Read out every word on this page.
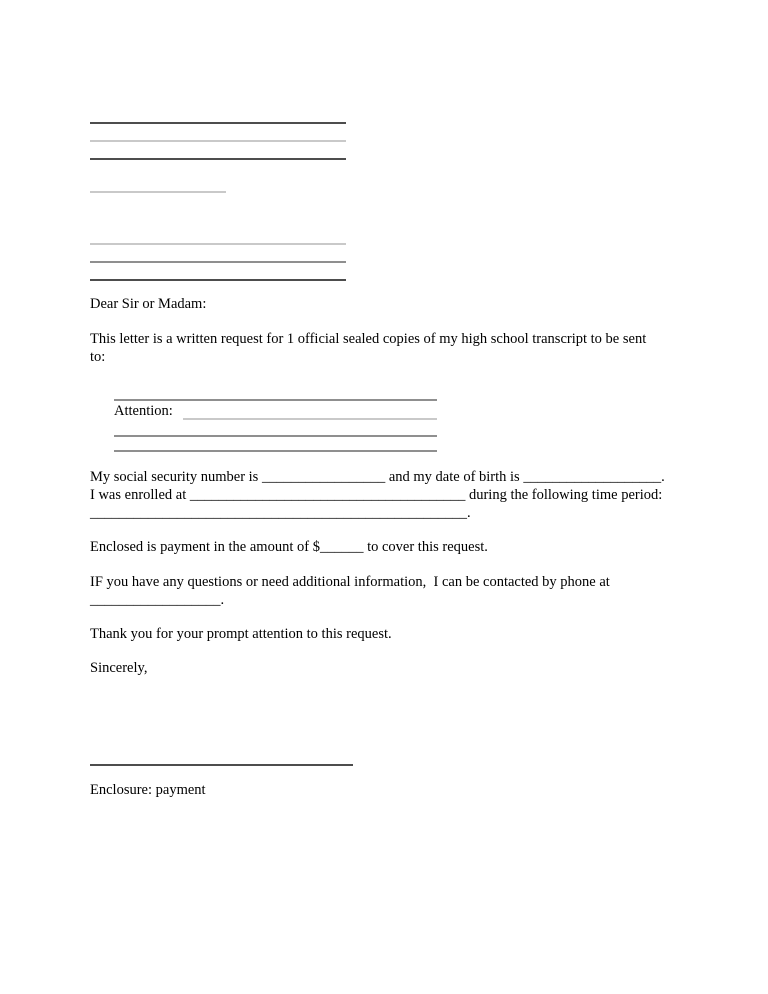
Dear Sir or Madam:
This letter is a written request for 1 official sealed copies of my high school transcript to be sent
to:
Attention:
My social security number is _________________ and my date of birth is ___________________.
I was enrolled at ______________________________________ during the following time period:
____________________________________________________.
Enclosed is payment in the amount of $______ to cover this request.
IF you have any questions or need additional information,  I can be contacted by phone at
__________________.
Thank you for your prompt attention to this request.
Sincerely,
Enclosure: payment
